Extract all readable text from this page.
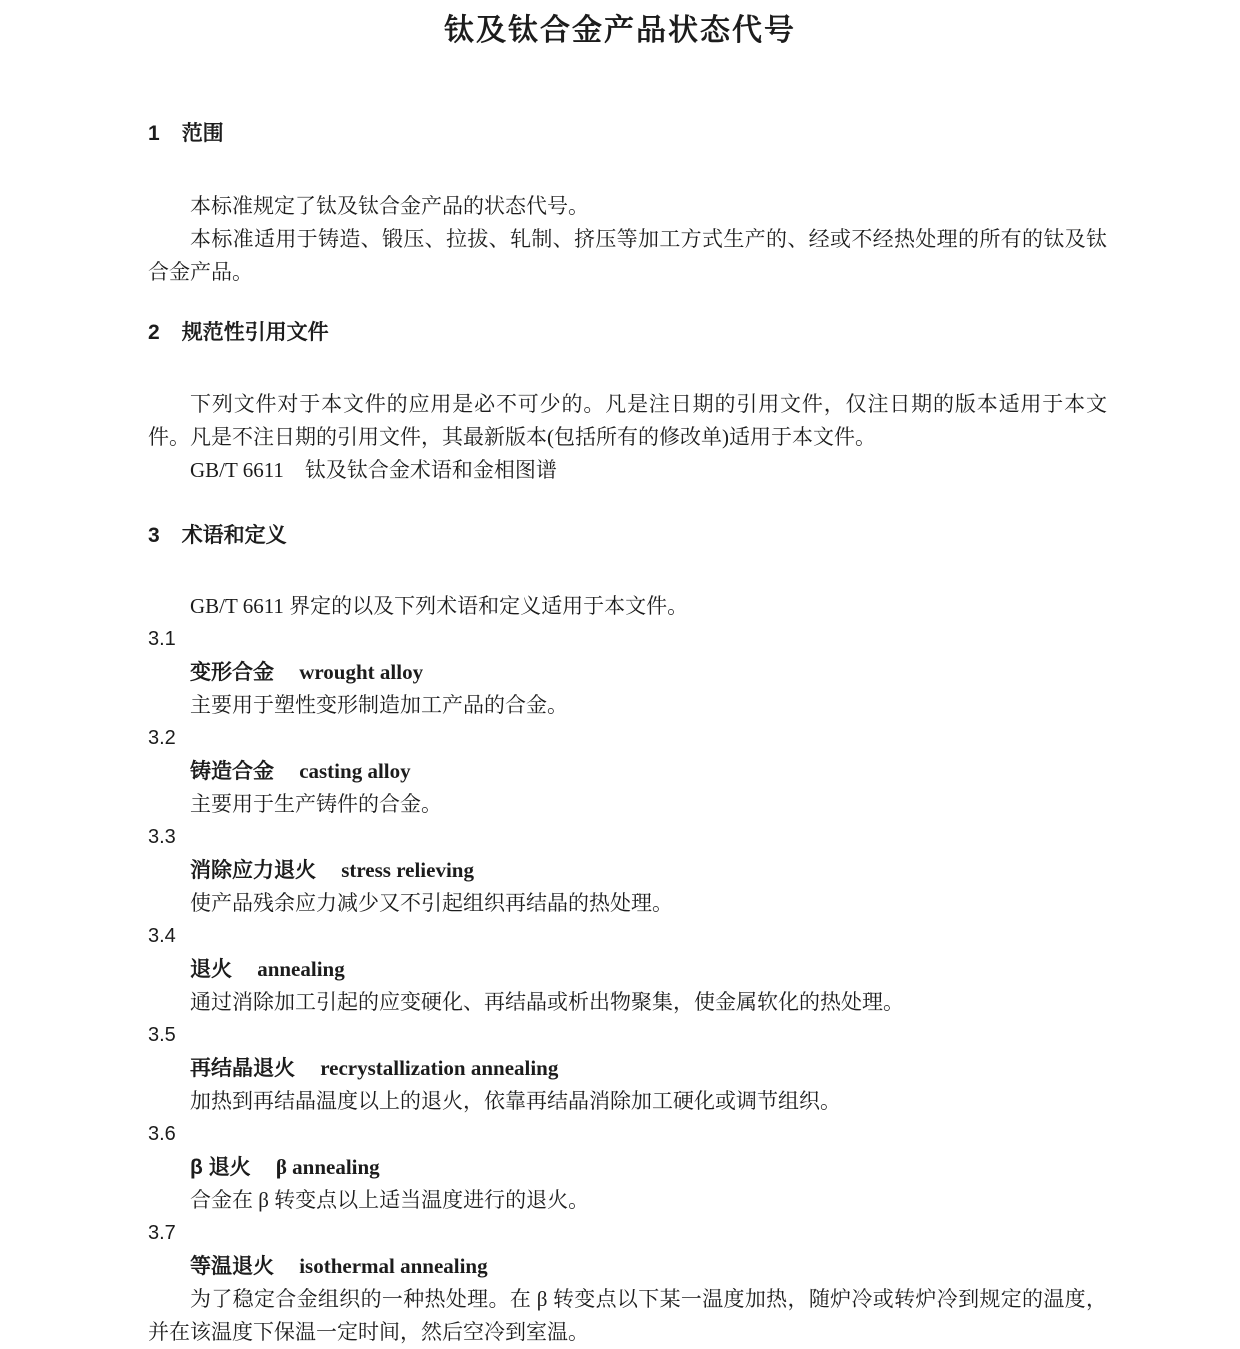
钛及钛合金产品状态代号
1 范围

本标准规定了钛及钛合金产品的状态代号。

本标准适用于铸造、锻压、拉拔、轧制、挤压等加工方式生产的、经或不经热处理的所有的钛及钛合金产品。

2 规范性引用文件

下列文件对于本文件的应用是必不可少的。凡是注日期的引用文件，仅注日期的版本适用于本文件。凡是不注日期的引用文件，其最新版本(包括所有的修改单)适用于本文件。

GB/T 6611　钛及钛合金术语和金相图谱

3 术语和定义

GB/T 6611 界定的以及下列术语和定义适用于本文件。

3.1
变形合金 wrought alloy

主要用于塑性变形制造加工产品的合金。

3.2
铸造合金 casting alloy

主要用于生产铸件的合金。

3.3
消除应力退火 stress relieving

使产品残余应力减少又不引起组织再结晶的热处理。

3.4
退火 annealing

通过消除加工引起的应变硬化、再结晶或析出物聚集，使金属软化的热处理。

3.5
再结晶退火 recrystallization annealing

加热到再结晶温度以上的退火，依靠再结晶消除加工硬化或调节组织。

3.6
β 退火 β annealing

合金在 β 转变点以上适当温度进行的退火。

3.7
等温退火 isothermal annealing

为了稳定合金组织的一种热处理。在 β 转变点以下某一温度加热，随炉冷或转炉冷到规定的温度，并在该温度下保温一定时间，然后空冷到室温。
